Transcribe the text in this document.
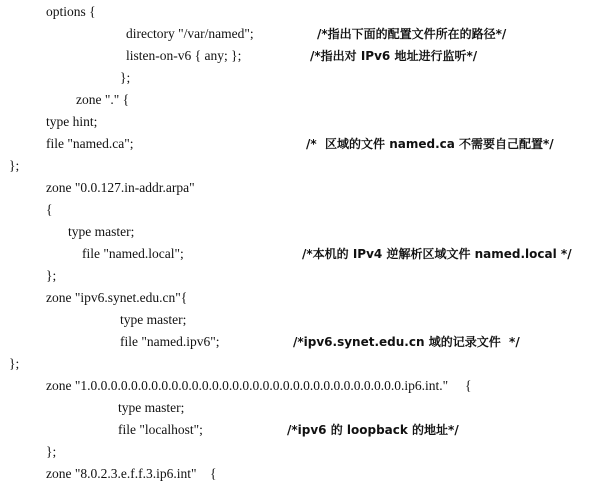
options {
directory "/var/named";	/*指出下面的配置文件所在的路径*/
listen-on-v6 { any; };	/*指出对 IPv6 地址进行监听*/
};
zone "." {
type hint;
file "named.ca";	/*  区域的文件 named.ca 不需要自己配置*/
};
zone "0.0.127.in-addr.arpa"
{
type master;
file "named.local";	/*本机的 IPv4 逆解析区域文件 named.local */
};
zone "ipv6.synet.edu.cn"{
type master;
file "named.ipv6";	/*ipv6.synet.edu.cn 域的记录文件  */
};
zone "1.0.0.0.0.0.0.0.0.0.0.0.0.0.0.0.0.0.0.0.0.0.0.0.0.0.0.0.0.0.0.0.ip6.int."     {
type master;
file "localhost";	/*ipv6 的 loopback 的地址*/
};
zone "8.0.2.3.e.f.f.3.ip6.int"    {
